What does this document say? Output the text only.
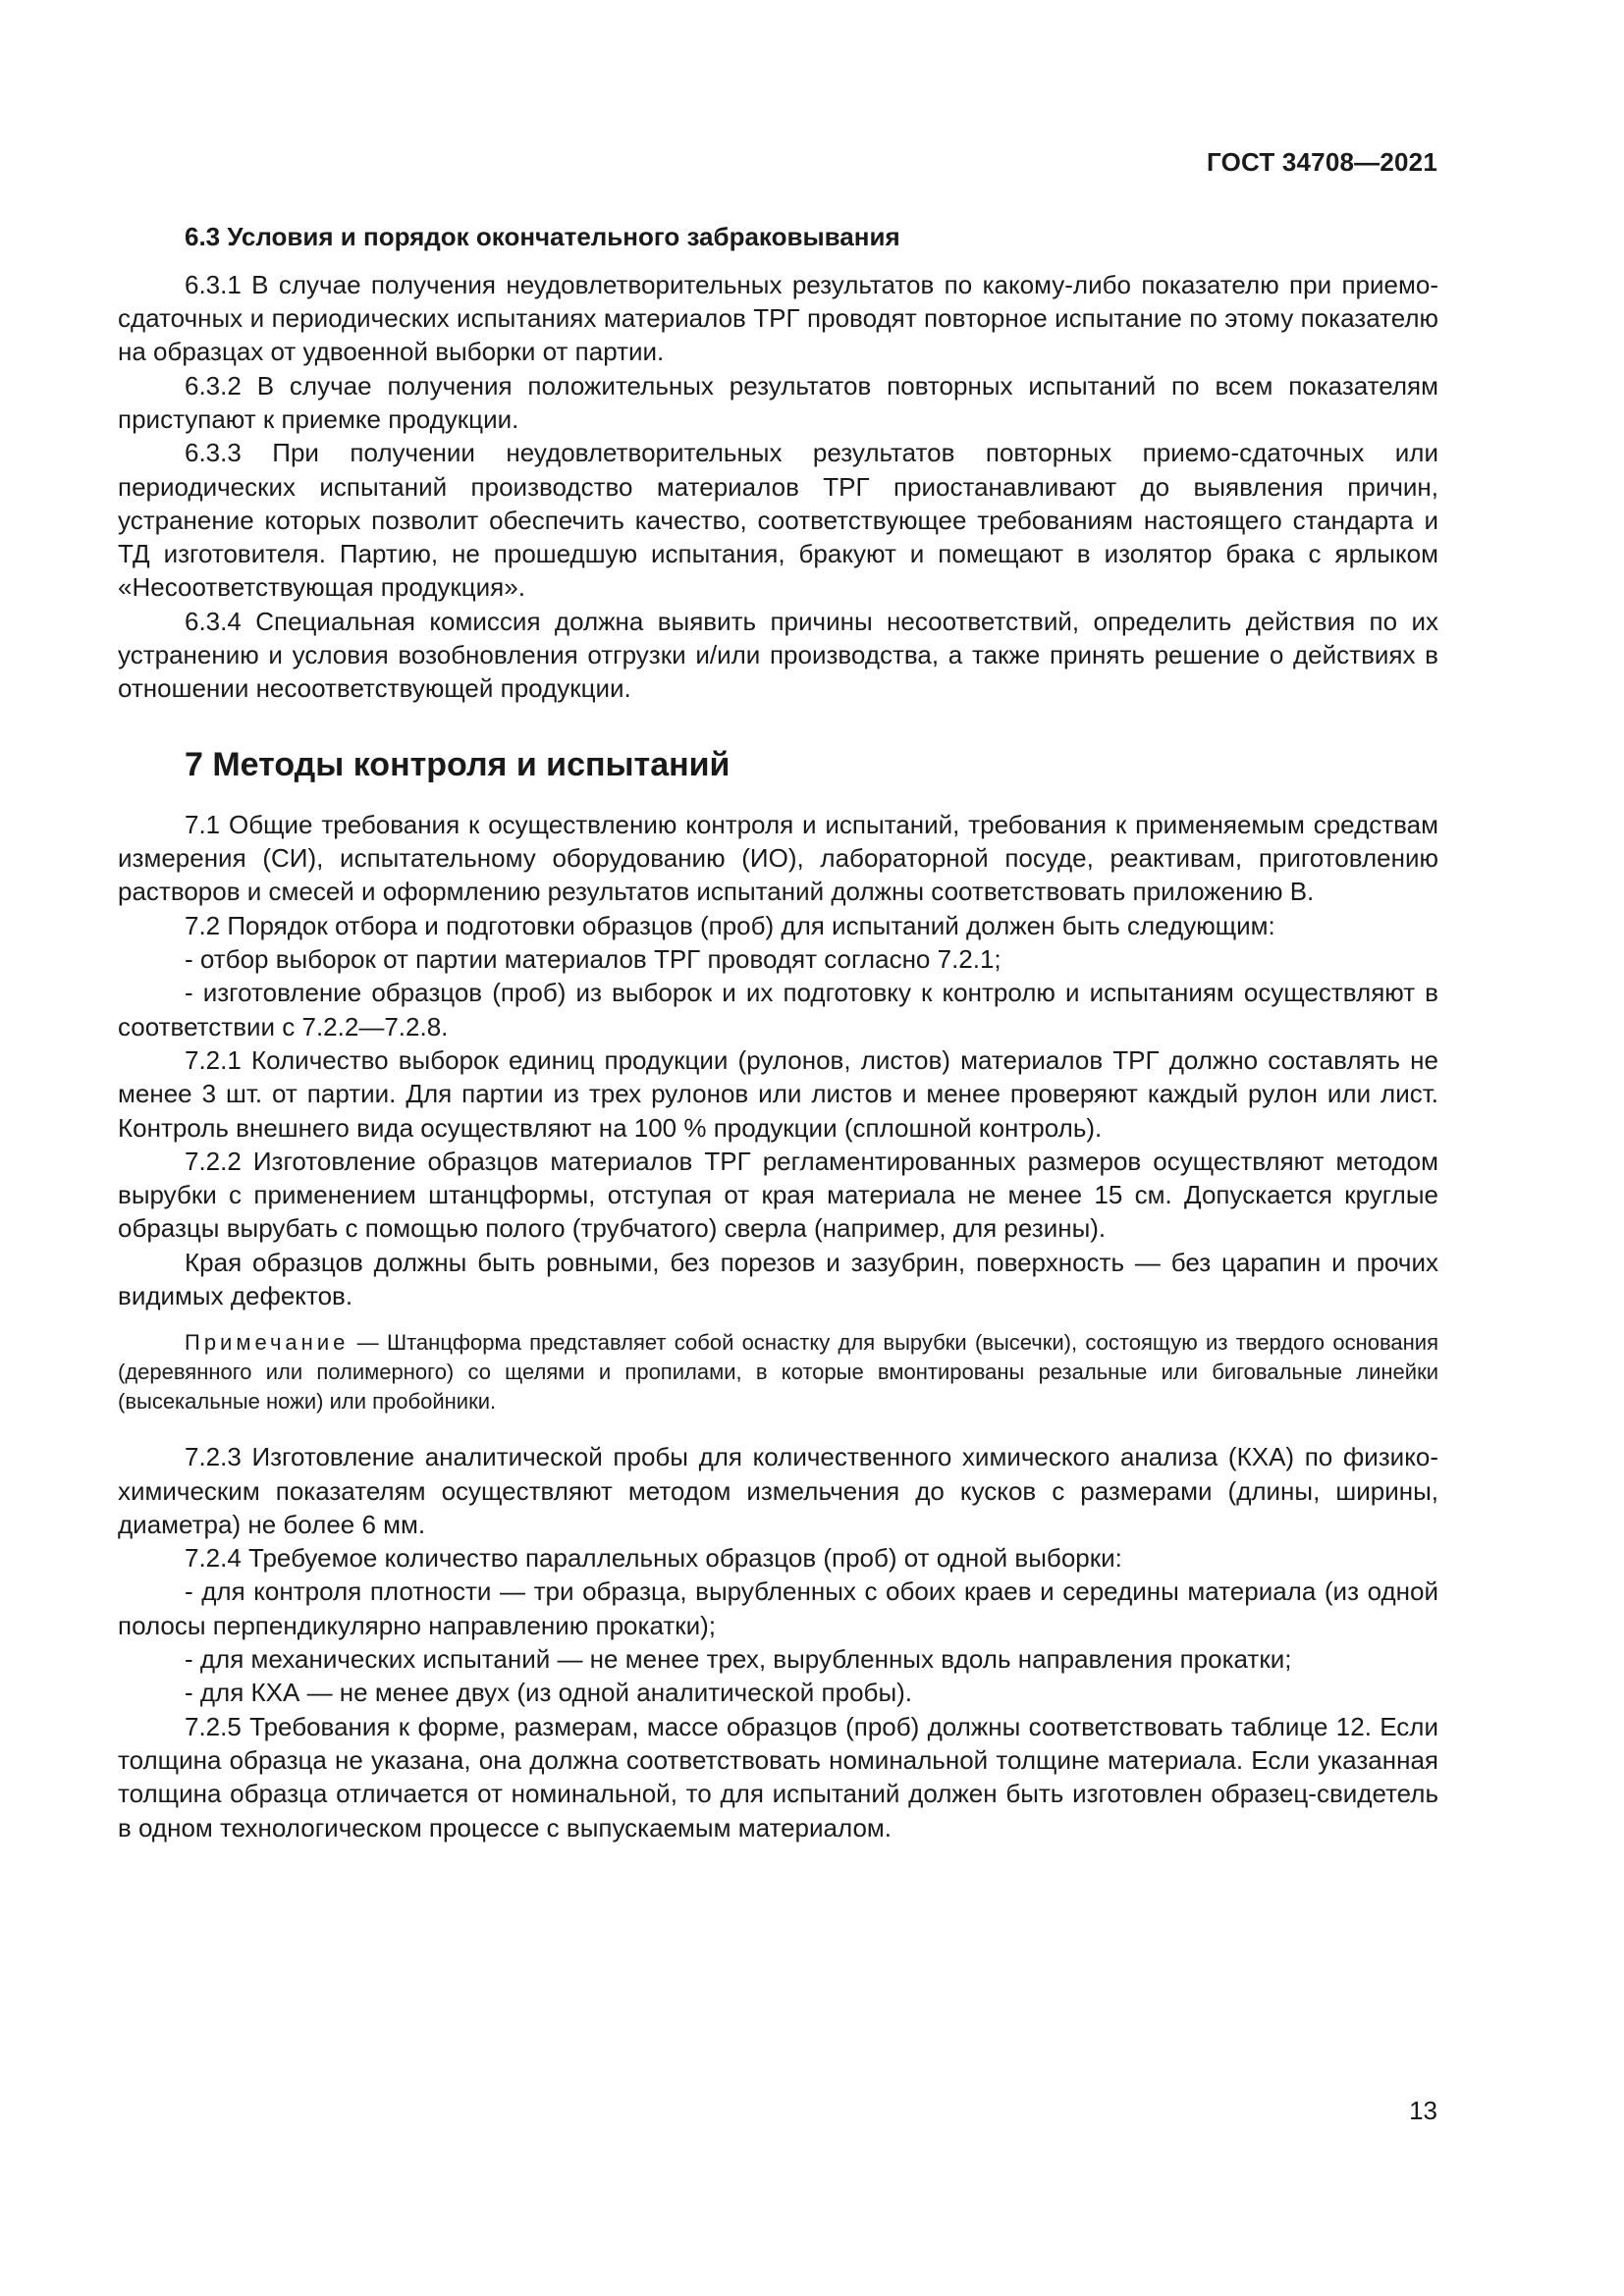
ГОСТ 34708—2021
6.3 Условия и порядок окончательного забраковывания

6.3.1 В случае получения неудовлетворительных результатов по какому-либо показателю при приемо-сдаточных и периодических испытаниях материалов ТРГ проводят повторное испытание по этому показателю на образцах от удвоенной выборки от партии.

6.3.2 В случае получения положительных результатов повторных испытаний по всем показателям приступают к приемке продукции.

6.3.3 При получении неудовлетворительных результатов повторных приемо-сдаточных или периодических испытаний производство материалов ТРГ приостанавливают до выявления причин, устранение которых позволит обеспечить качество, соответствующее требованиям настоящего стандарта и ТД изготовителя. Партию, не прошедшую испытания, бракуют и помещают в изолятор брака с ярлыком «Несоответствующая продукция».

6.3.4 Специальная комиссия должна выявить причины несоответствий, определить действия по их устранению и условия возобновления отгрузки и/или производства, а также принять решение о действиях в отношении несоответствующей продукции.

7 Методы контроля и испытаний

7.1 Общие требования к осуществлению контроля и испытаний, требования к применяемым средствам измерения (СИ), испытательному оборудованию (ИО), лабораторной посуде, реактивам, приготовлению растворов и смесей и оформлению результатов испытаний должны соответствовать приложению В.

7.2 Порядок отбора и подготовки образцов (проб) для испытаний должен быть следующим:

- отбор выборок от партии материалов ТРГ проводят согласно 7.2.1;

- изготовление образцов (проб) из выборок и их подготовку к контролю и испытаниям осуществляют в соответствии с 7.2.2—7.2.8.

7.2.1 Количество выборок единиц продукции (рулонов, листов) материалов ТРГ должно составлять не менее 3 шт. от партии. Для партии из трех рулонов или листов и менее проверяют каждый рулон или лист. Контроль внешнего вида осуществляют на 100 % продукции (сплошной контроль).

7.2.2 Изготовление образцов материалов ТРГ регламентированных размеров осуществляют методом вырубки с применением штанцформы, отступая от края материала не менее 15 см. Допускается круглые образцы вырубать с помощью полого (трубчатого) сверла (например, для резины).

Края образцов должны быть ровными, без порезов и зазубрин, поверхность — без царапин и прочих видимых дефектов.

Примечание — Штанцформа представляет собой оснастку для вырубки (высечки), состоящую из твердого основания (деревянного или полимерного) со щелями и пропилами, в которые вмонтированы резальные или биговальные линейки (высекальные ножи) или пробойники.

7.2.3 Изготовление аналитической пробы для количественного химического анализа (КХА) по физико-химическим показателям осуществляют методом измельчения до кусков с размерами (длины, ширины, диаметра) не более 6 мм.

7.2.4 Требуемое количество параллельных образцов (проб) от одной выборки:

- для контроля плотности — три образца, вырубленных с обоих краев и середины материала (из одной полосы перпендикулярно направлению прокатки);

- для механических испытаний — не менее трех, вырубленных вдоль направления прокатки;

- для КХА — не менее двух (из одной аналитической пробы).

7.2.5 Требования к форме, размерам, массе образцов (проб) должны соответствовать таблице 12. Если толщина образца не указана, она должна соответствовать номинальной толщине материала. Если указанная толщина образца отличается от номинальной, то для испытаний должен быть изготовлен образец-свидетель в одном технологическом процессе с выпускаемым материалом.

13
